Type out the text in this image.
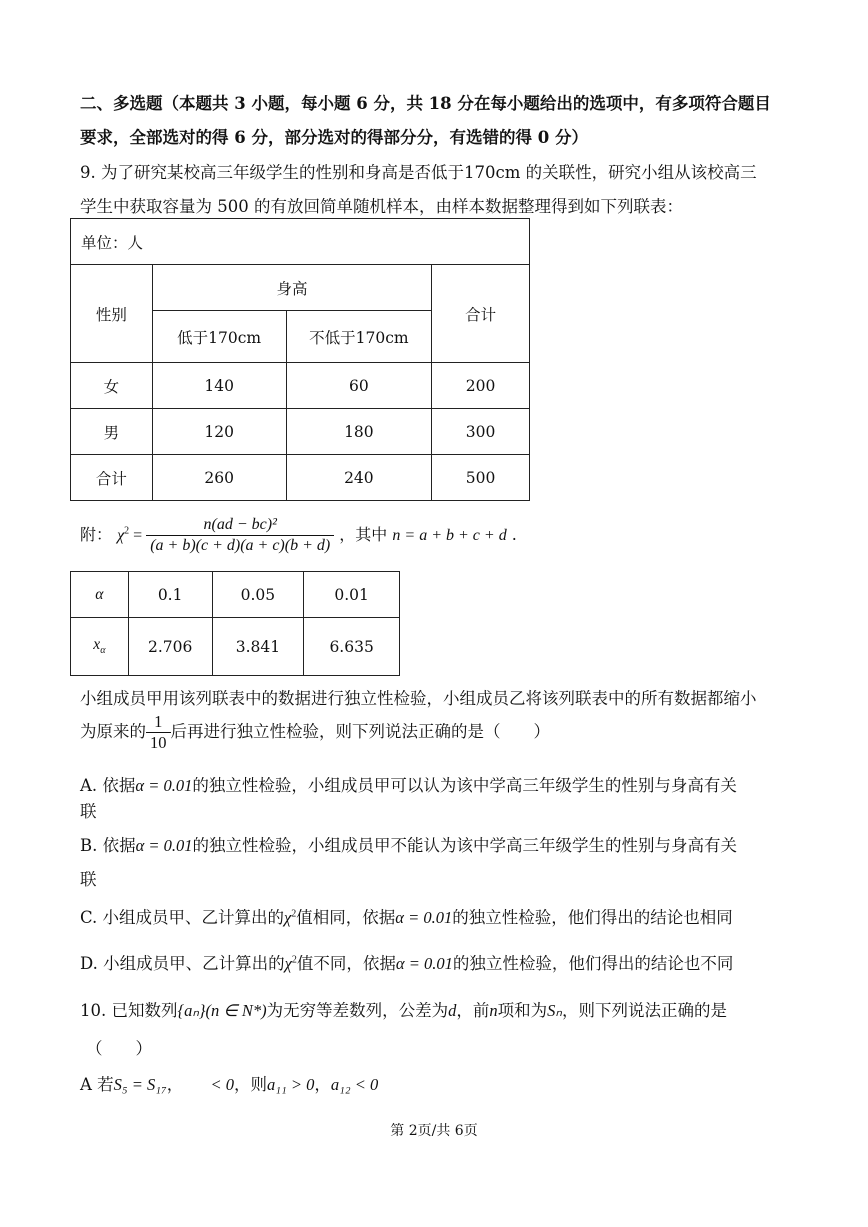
二、多选题（本题共 3 小题，每小题 6 分，共 18 分在每小题给出的选项中，有多项符合题目
要求，全部选对的得 6 分，部分选对的得部分分，有选错的得 0 分）
9. 为了研究某校高三年级学生的性别和身高是否低于170cm 的关联性，研究小组从该校高三
学生中获取容量为 500 的有放回简单随机样本，由样本数据整理得到如下列联表：
单位：人			
性别	身高		合计
	低于170cm	不低于170cm	
女	140	60	200
男	120	180	300
合计	260	240	500
附： $\chi^2 = \frac{\text{n(ad − bc)²}}{(a + b)(c + d)(a + c)(b + d)}$ ，其中 n = a + b + c + d .
α	0.1	0.05	0.01
$x_\alpha$	2.706	3.841	6.635
小组成员甲用该列联表中的数据进行独立性检验，小组成员乙将该列联表中的所有数据都缩小
为原来的 $\frac{1}{10}$ 后再进行独立性检验，则下列说法正确的是（　　）
A. 依据α = 0.01的独立性检验，小组成员甲可以认为该中学高三年级学生的性别与身高有关
联
B. 依据α = 0.01的独立性检验，小组成员甲不能认为该中学高三年级学生的性别与身高有关
联
C. 小组成员甲、乙计算出的$\chi^2$值相同，依据α = 0.01的独立性检验，他们得出的结论也相同
D. 小组成员甲、乙计算出的$\chi^2$值不同，依据α = 0.01的独立性检验，他们得出的结论也不同
10. 已知数列{aₙ}(n ∈ N*)为无穷等差数列，公差为d，前n项和为Sₙ，则下列说法正确的是
（　　）
A 若S₅ = S₁₇， < 0，则a₁₁ > 0，a₁₂ < 0
第 2页/共 6页
